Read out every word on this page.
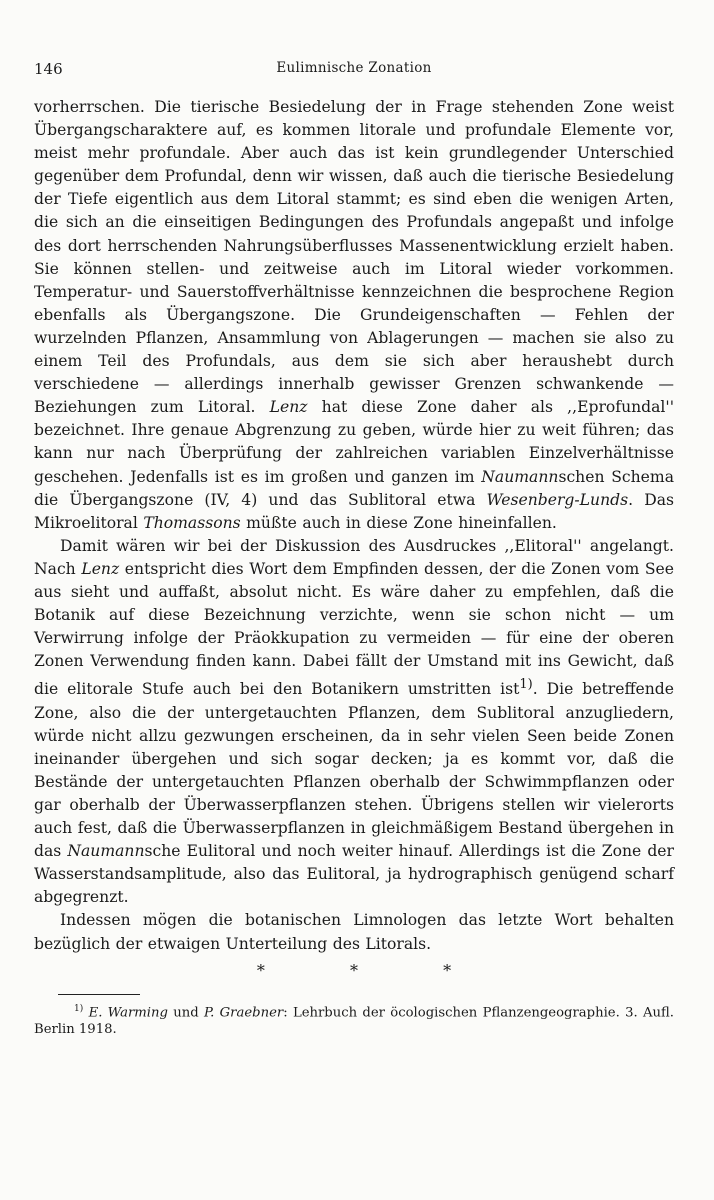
146	Eulimnische Zonation

vorherrschen. Die tierische Besiedelung der in Frage stehenden Zone weist Übergangscharaktere auf, es kommen litorale und profundale Elemente vor, meist mehr profundale. Aber auch das ist kein grundlegender Unterschied gegenüber dem Profundal, denn wir wissen, daß auch die tierische Besiedelung der Tiefe eigentlich aus dem Litoral stammt; es sind eben die wenigen Arten, die sich an die einseitigen Bedingungen des Profundals angepaßt und infolge des dort herrschenden Nahrungsüberflusses Massenentwicklung erzielt haben. Sie können stellen- und zeitweise auch im Litoral wieder vorkommen. Temperatur- und Sauerstoffverhältnisse kennzeichnen die besprochene Region ebenfalls als Übergangszone. Die Grundeigenschaften — Fehlen der wurzelnden Pflanzen, Ansammlung von Ablagerungen — machen sie also zu einem Teil des Profundals, aus dem sie sich aber heraushebt durch verschiedene — allerdings innerhalb gewisser Grenzen schwankende — Beziehungen zum Litoral. Lenz hat diese Zone daher als ,,Eprofundal'' bezeichnet. Ihre genaue Abgrenzung zu geben, würde hier zu weit führen; das kann nur nach Überprüfung der zahlreichen variablen Einzelverhältnisse geschehen. Jedenfalls ist es im großen und ganzen im Naumannschen Schema die Übergangszone (IV, 4) und das Sublitoral etwa Wesenberg-Lunds. Das Mikroelitoral Thomassons müßte auch in diese Zone hineinfallen.

Damit wären wir bei der Diskussion des Ausdruckes ,,Elitoral'' angelangt. Nach Lenz entspricht dies Wort dem Empfinden dessen, der die Zonen vom See aus sieht und auffaßt, absolut nicht. Es wäre daher zu empfehlen, daß die Botanik auf diese Bezeichnung verzichte, wenn sie schon nicht — um Verwirrung infolge der Präokkupation zu vermeiden — für eine der oberen Zonen Verwendung finden kann. Dabei fällt der Umstand mit ins Gewicht, daß die elitorale Stufe auch bei den Botanikern umstritten ist$^{1)}$. Die betreffende Zone, also die der untergetauchten Pflanzen, dem Sublitoral anzugliedern, würde nicht allzu gezwungen erscheinen, da in sehr vielen Seen beide Zonen ineinander übergehen und sich sogar decken; ja es kommt vor, daß die Bestände der untergetauchten Pflanzen oberhalb der Schwimmpflanzen oder gar oberhalb der Überwasserpflanzen stehen. Übrigens stellen wir vielerorts auch fest, daß die Überwasserpflanzen in gleichmäßigem Bestand übergehen in das Naumannsche Eulitoral und noch weiter hinauf. Allerdings ist die Zone der Wasserstandsamplitude, also das Eulitoral, ja hydrographisch genügend scharf abgegrenzt.

Indessen mögen die botanischen Limnologen das letzte Wort behalten bezüglich der etwaigen Unterteilung des Litorals.

* * *
$^{1)}$ E. Warming und P. Graebner: Lehrbuch der öcologischen Pflanzengeographie. 3. Aufl. Berlin 1918.
